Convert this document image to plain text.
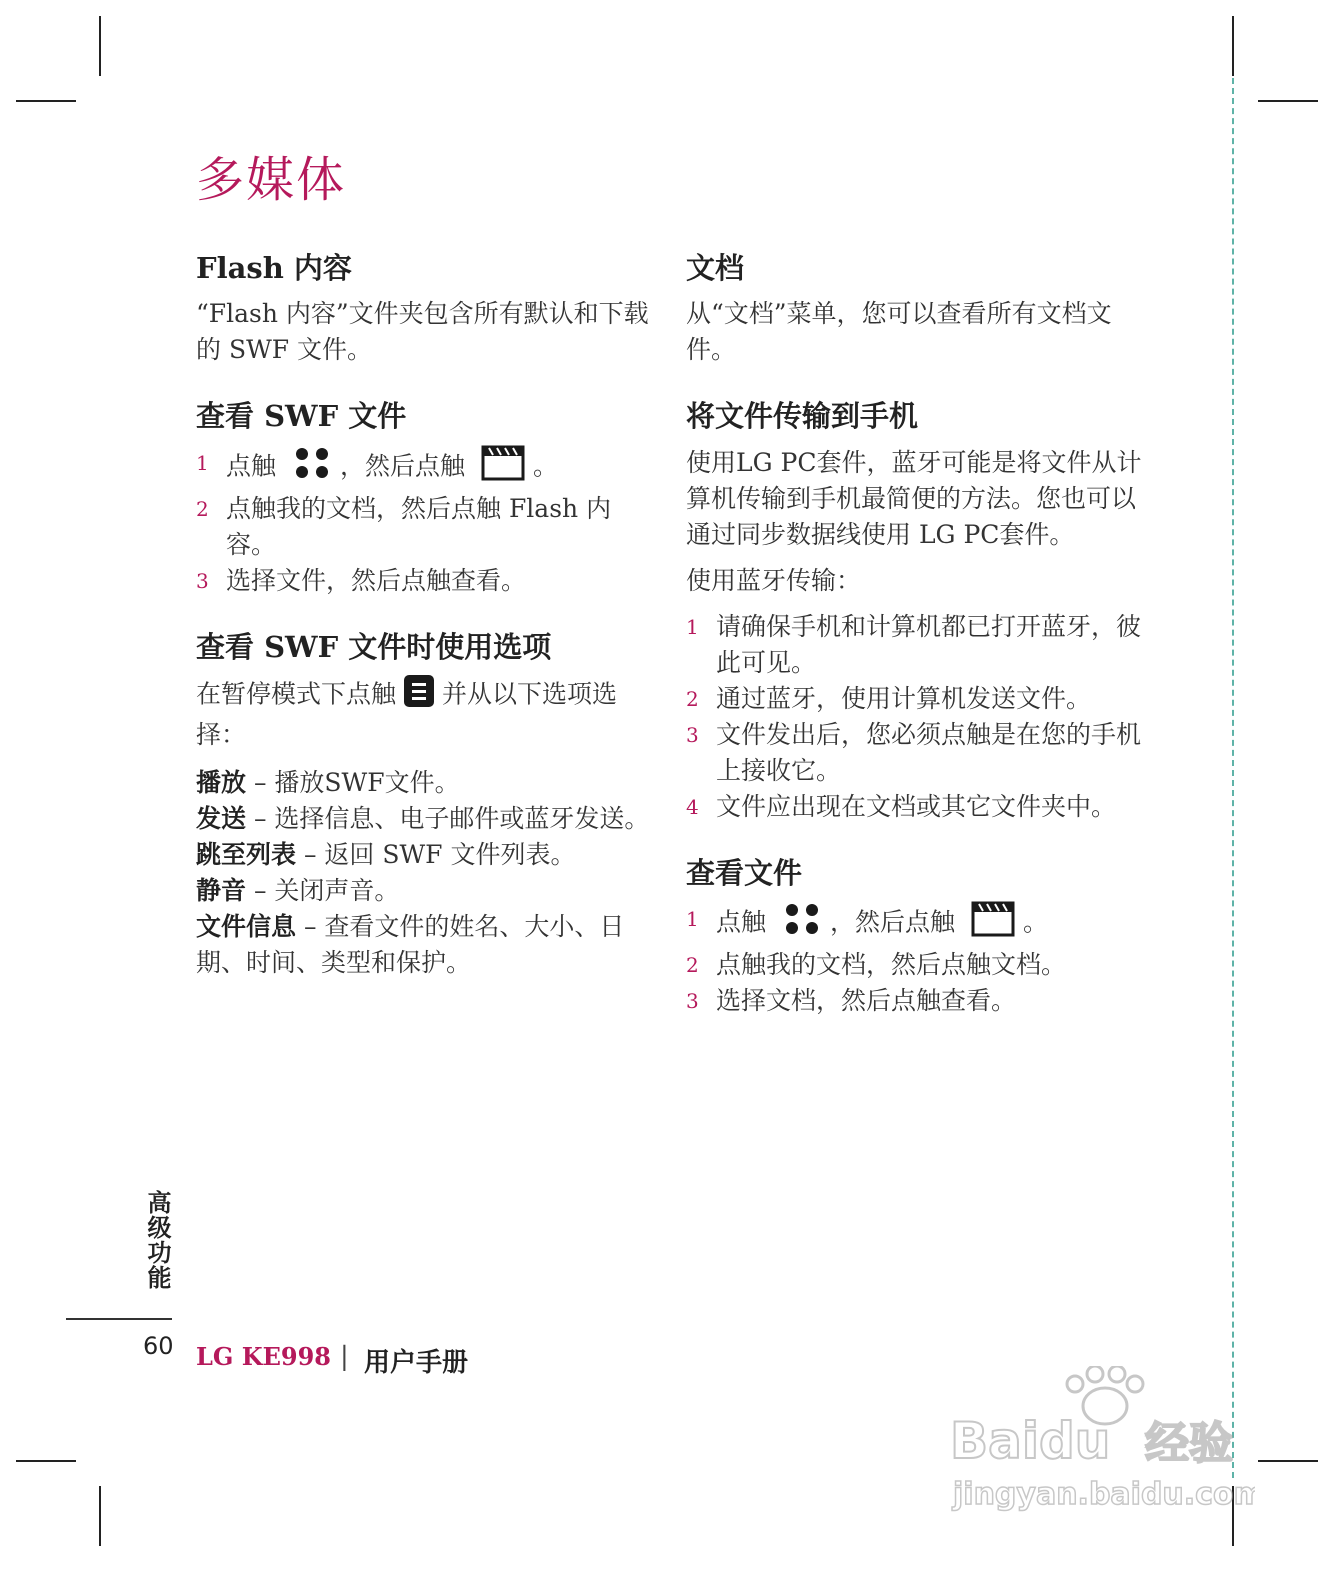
多媒体
Flash 内容

“Flash 内容”文件夹包含所有默认和下载的 SWF 文件。

查看 SWF 文件
1 点触	，然后点触	。
2 点触我的文档，然后点触 Flash 内容。
3 选择文件，然后点触查看。
查看 SWF 文件时使用选项

在暂停模式下点触 并从以下选项选择：

播放 – 播放SWF文件。
发送 – 选择信息、电子邮件或蓝牙发送。
跳至列表 – 返回 SWF 文件列表。
静音 – 关闭声音。
文件信息 – 查看文件的姓名、大小、日期、时间、类型和保护。
文档

从“文档”菜单，您可以查看所有文档文件。

将文件传输到手机

使用LG PC套件，蓝牙可能是将文件从计算机传输到手机最简便的方法。您也可以通过同步数据线使用 LG PC套件。

使用蓝牙传输：

1 请确保手机和计算机都已打开蓝牙，彼此可见。
2 通过蓝牙，使用计算机发送文件。
3 文件发出后，您必须点触是在您的手机上接收它。
4 文件应出现在文档或其它文件夹中。
查看文件
1 点触	，然后点触	。
2 点触我的文档，然后点触文档。
3 选择文档，然后点触查看。
高级功能
60 LG KE998 | 用户手册
Baidu 经验
jingyan.baidu.com
